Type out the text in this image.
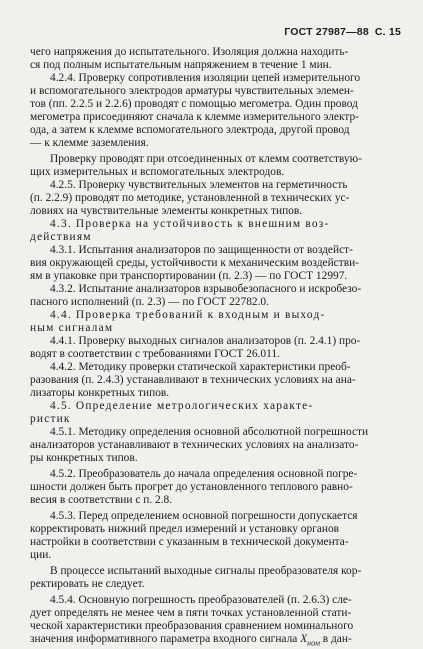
ГОСТ 27987—88 С. 15
чего напряжения до испытательного. Изоляция должна находить-
ся под полным испытательным напряжением в течение 1 мин.
4.2.4. Проверку сопротивления изоляции цепей измерительного
и вспомогательного электродов арматуры чувствительных элемен-
тов (пп. 2.2.5 и 2.2.6) проводят с помощью мегометра. Один провод
мегометра присоединяют сначала к клемме измерительного электр-
ода, а затем к клемме вспомогательного электрода, другой провод
— к клемме заземления.
Проверку проводят при отсоединенных от клемм соответствую-
щих измерительных и вспомогательных электродов.
4.2.5. Проверку чувствительных элементов на герметичность
(п. 2.2.9) проводят по методике, установленной в технических ус-
ловиях на чувствительные элементы конкретных типов.
4.3. Проверка на устойчивость к внешним воз-
действиям
4.3.1. Испытания анализаторов по защищенности от воздейст-
вия окружающей среды, устойчивости к механическим воздействи-
ям в упаковке при транспортировании (п. 2.3) — по ГОСТ 12997.
4.3.2. Испытание анализаторов взрывобезопасного и искробезо-
пасного исполнений (п. 2.3) — по ГОСТ 22782.0.
4.4. Проверка требований к входным и выход-
ным сигналам
4.4.1. Проверку выходных сигналов анализаторов (п. 2.4.1) про-
водят в соответствии с требованиями ГОСТ 26.011.
4.4.2. Методику проверки статической характеристики преоб-
разования (п. 2.4.3) устанавливают в технических условиях на ана-
лизаторы конкретных типов.
4.5. Определение метрологических характе-
ристик
4.5.1. Методику определения основной абсолютной погрешности
анализаторов устанавливают в технических условиях на анализато-
ры конкретных типов.
4.5.2. Преобразователь до начала определения основной погре-
шности должен быть прогрет до установленного теплового равно-
весия в соответствии с п. 2.8.
4.5.3. Перед определением основной погрешности допускается
корректировать нижний предел измерений и установку органов
настройки в соответствии с указанным в технической документа-
ции.
В процессе испытаний выходные сигналы преобразователя кор-
ректировать не следует.
4.5.4. Основную погрешность преобразователей (п. 2.6.3) сле-
дует определять не менее чем в пяти точках установленной стати-
ческой характеристики преобразования сравнением номинального
значения информативного параметра входного сигнала $X_{ном}$ в дан-
